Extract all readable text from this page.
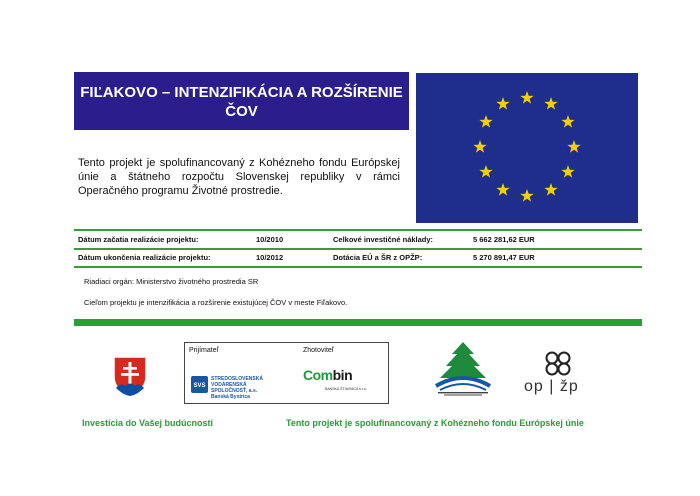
FIĽAKOVO – INTENZIFIKÁCIA A ROZŠÍRENIE
ČOV
Tento projekt je spolufinancovaný z Kohézneho fondu Európskej únie a štátneho rozpočtu Slovenskej republiky v rámci Operačného programu Životné prostredie.
Dátum začatia realizácie projektu:	10/2010	Celkové investičné náklady:	5 662 281,62 EUR
Dátum ukončenia realizácie projektu:	10/2012	Dotácia EÚ a ŠR z OPŽP:	5 270 891,47 EUR
Riadiaci orgán: Ministerstvo životného prostredia SR
Cieľom projektu je intenzifikácia a rozšírenie existujúcej ČOV v meste Fiľakovo.
Prijímateľ	Zhotoviteľ
SVS
STREDOSLOVENSKÁ
VODÁRENSKÁ SPOLOČNOSŤ, a.s.
Banská Bystrica
Combin
BANSKÁ ŠTIAVNICA s.r.o.	op | žp
Investícia do Vašej budúcnosti	Tento projekt je spolufinancovaný z Kohézneho fondu Európskej únie
